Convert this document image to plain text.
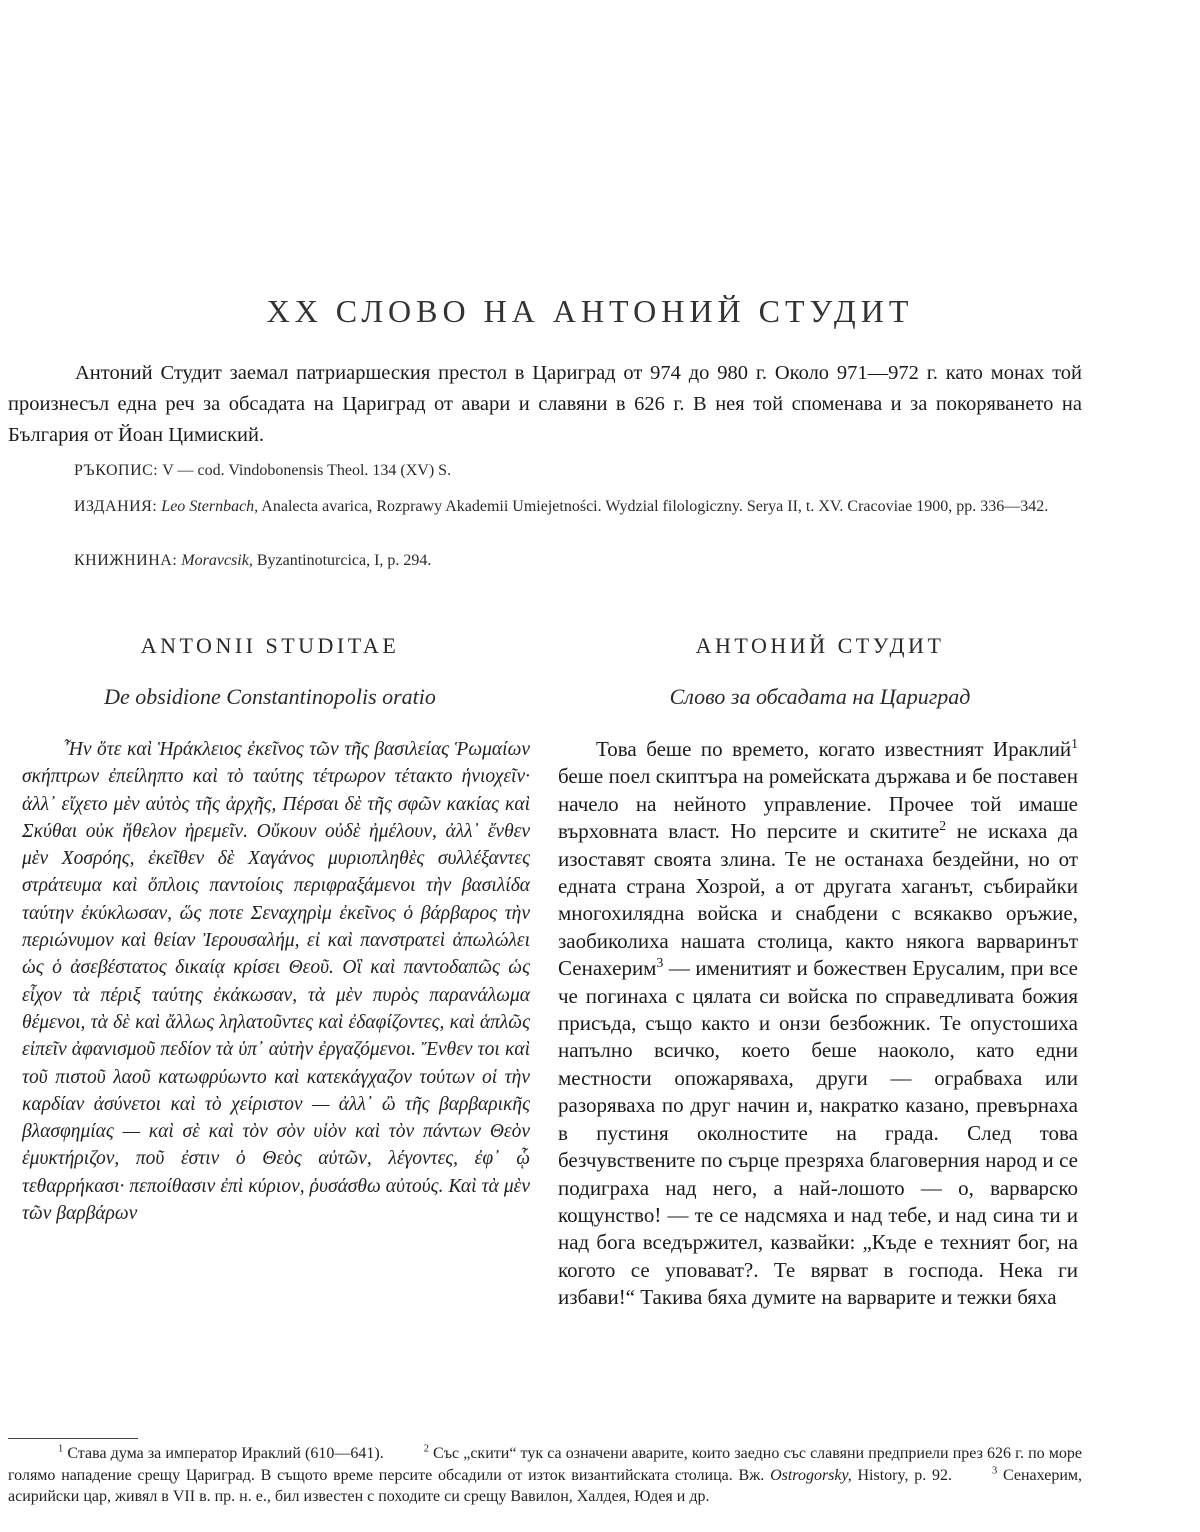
XX СЛОВО НА АНТОНИЙ СТУДИТ

Антоний Студит заемал патриаршеския престол в Цариград от 974 до 980 г. Около 971—972 г. като монах той произнесъл една реч за обсадата на Цариград от авари и славяни в 626 г. В нея той споменава и за покоряването на България от Йоан Цимиский.

РЪКОПИС: V — cod. Vindobonensis Theol. 134 (XV) S.
ИЗДАНИЯ: Leo Sternbach, Analecta avarica, Rozprawy Akademii Umiejetności. Wydzial filologiczny. Serya II, t. XV. Cracoviae 1900, pp. 336—342.
КНИЖНИНА: Moravcsik, Byzantinoturcica, I, p. 294.
ANTONII STUDITAE
De obsidione Constantinopolis oratio
АНТОНИЙ СТУДИТ
Слово за обсадата на Цариград

Ἦν ὅτε καὶ Ἡράκλειος ἐκεῖνος τῶν τῆς βασιλείας Ῥωμαίων σκήπτρων ἐπείληπτο καὶ τὸ ταύτης τέτρωρον τέτακτο ἡνιοχεῖν· ἀλλ᾿ εἴχετο μὲν αὐτὸς τῆς ἀρχῆς, Πέρσαι δὲ τῆς σφῶν κακίας καὶ Σκύθαι οὐκ ἤθελον ἠρεμεῖν. Οὔκουν οὐδὲ ἠμέλουν, ἀλλ᾿ ἔνθεν μὲν Χοσρόης, ἐκεῖθεν δὲ Χαγάνος μυριοπληθὲς συλλέξαντες στράτευμα καὶ ὅπλοις παντοίοις περιφραξάμενοι τὴν βασιλίδα ταύτην ἐκύκλωσαν, ὥς ποτε Σεναχηρὶμ ἐκεῖνος ὁ βάρβαρος τὴν περιώνυμον καὶ θείαν Ἰερουσαλήμ, εἰ καὶ πανστρατεὶ ἀπωλώλει ὡς ὁ ἀσεβέστατος δικαίᾳ κρίσει Θεοῦ. Οἳ καὶ παντοδαπῶς ὡς εἶχον τὰ πέριξ ταύτης ἐκάκωσαν, τὰ μὲν πυρὸς παρανάλωμα θέμενοι, τὰ δὲ καὶ ἄλλως ληλατοῦντες καὶ ἐδαφίζοντες, καὶ ἁπλῶς εἰπεῖν ἀφανισμοῦ πεδίον τὰ ὑπ᾿ αὐτὴν ἐργαζόμενοι. Ἔνθεν τοι καὶ τοῦ πιστοῦ λαοῦ κατωφρύωντο καὶ κατεκάγχαζον τούτων οἱ τὴν καρδίαν ἀσύνετοι καὶ τὸ χείριστον — ἀλλ᾿ ὢ τῆς βαρβαρικῆς βλασφημίας — καὶ σὲ καὶ τὸν σὸν υἱὸν καὶ τὸν πάντων Θεὸν ἐμυκτήριζον, ποῦ ἐστιν ὁ Θεὸς αὐτῶν, λέγοντες, ἐφ᾿ ᾧ τεθαρρήκασι· πεποίθασιν ἐπὶ κύριον, ῥυσάσθω αὐτούς. Καὶ τὰ μὲν τῶν βαρβάρων

Това беше по времето, когато известният Ираклий$^1$ беше поел скиптъра на ромейската държава и бе поставен начело на нейното управление. Прочее той имаше върховната власт. Но персите и скитите$^2$ не искаха да изоставят своята злина. Те не останаха бездейни, но от едната страна Хозрой, а от другата хаганът, събирайки многохилядна войска и снабдени с всякакво оръжие, заобиколиха нашата столица, както някога варваринът Сенахерим$^3$ — именитият и божествен Ерусалим, при все че погинаха с цялата си войска по справедливата божия присъда, също както и онзи безбожник. Те опустошиха напълно всичко, което беше наоколо, като едни местности опожаряваха, други — ограбваха или разоряваха по друг начин и, накратко казано, превърнаха в пустиня околностите на града. След това безчувствените по сърце презряха благоверния народ и се подиграха над него, а най-лошото — о, варварско кощунство! — те се надсмяха и над тебе, и над сина ти и над бога вседържител, казвайки: „Къде е техният бог, на когото се уповават?. Те вярват в господа. Нека ги избави!“ Такива бяха думите на варварите и тежки бяха

$^1$ Става дума за император Ираклий (610—641).	$^2$ Със „скити“ тук са означени аварите, които заедно със славяни предприели през 626 г. по море голямо нападение срещу Цариград. В същото време персите обсадили от изток византийската столица. Вж. Ostrogorsky, History, p. 92.	$^3$ Сенахерим, асирийски цар, живял в VII в. пр. н. е., бил известен с походите си срещу Вавилон, Халдея, Юдея и др.
